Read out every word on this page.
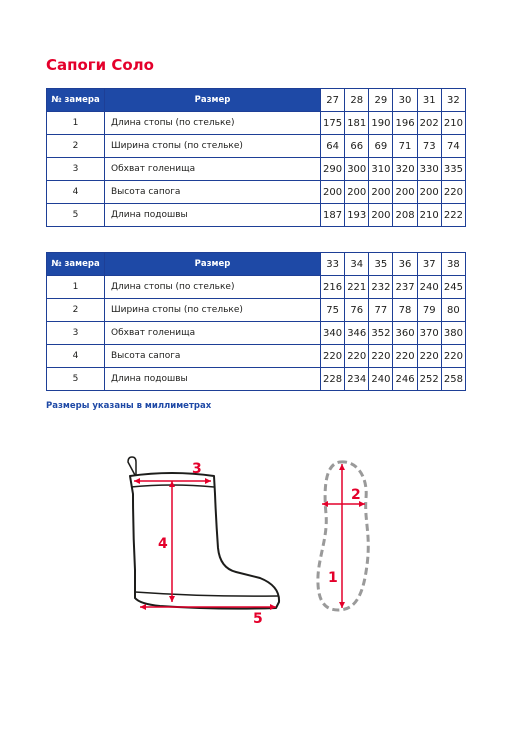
Сапоги Соло
№ замера	Размер	27	28	29	30	31	32
1	Длина стопы (по стельке)	175	181	190	196	202	210
2	Ширина стопы (по стельке)	64	66	69	71	73	74
3	Обхват голенища	290	300	310	320	330	335
4	Высота сапога	200	200	200	200	200	220
5	Длина подошвы	187	193	200	208	210	222
№ замера	Размер	33	34	35	36	37	38
1	Длина стопы (по стельке)	216	221	232	237	240	245
2	Ширина стопы (по стельке)	75	76	77	78	79	80
3	Обхват голенища	340	346	352	360	370	380
4	Высота сапога	220	220	220	220	220	220
5	Длина подошвы	228	234	240	246	252	258

Размеры указаны в миллиметрах

3
4
5
2
1
